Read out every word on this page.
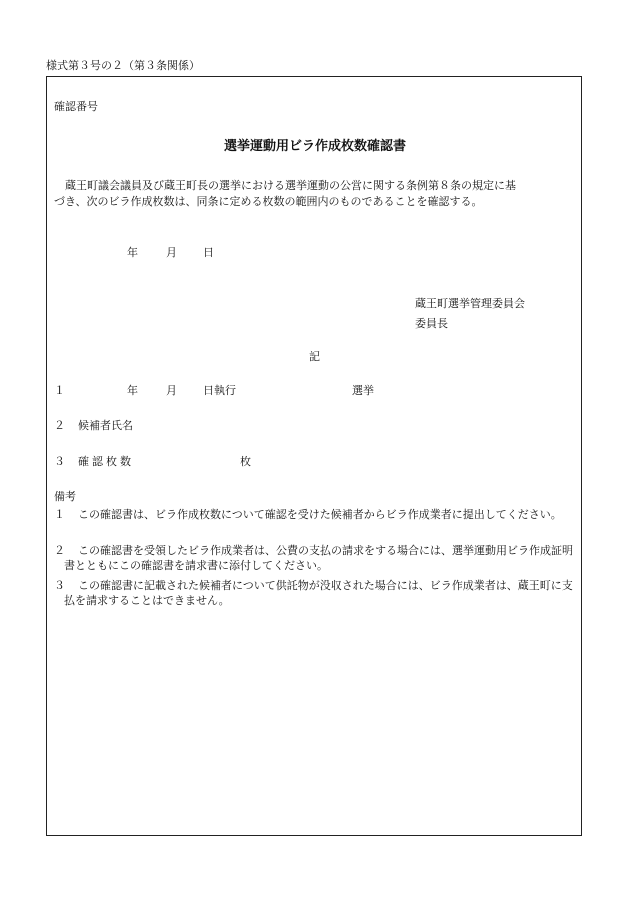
様式第３号の２（第３条関係）
確認番号
選挙運動用ビラ作成枚数確認書
蔵王町議会議員及び蔵王町長の選挙における選挙運動の公営に関する条例第８条の規定に基
づき、次のビラ作成枚数は、同条に定める枚数の範囲内のものであることを確認する。
年	月 日
蔵王町選挙管理委員会
委員長
記
１	年	月 日執行	選挙
２ 候補者氏名
３ 確認枚数	枚
備考
１	この確認書は、ビラ作成枚数について確認を受けた候補者からビラ作成業者に提出してください。
２	この確認書を受領したビラ作成業者は、公費の支払の請求をする場合には、選挙運動用ビラ作成証明書とともにこの確認書を請求書に添付してください。
３	この確認書に記載された候補者について供託物が没収された場合には、ビラ作成業者は、蔵王町に支払を請求することはできません。
